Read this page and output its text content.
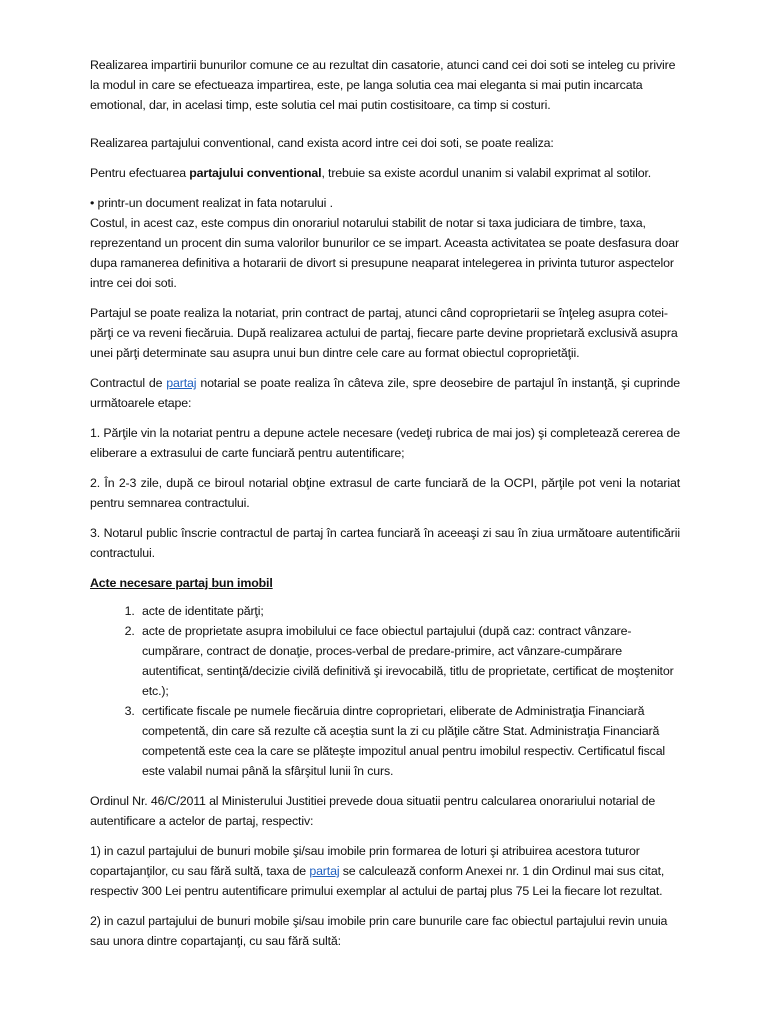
Realizarea impartirii bunurilor comune ce au rezultat din casatorie, atunci cand cei doi soti se inteleg cu privire la modul in care se efectueaza impartirea, este, pe langa solutia cea mai eleganta si mai putin incarcata emotional, dar, in acelasi timp, este solutia cel mai putin costisitoare, ca timp si costuri.

Realizarea partajului conventional, cand exista acord intre cei doi soti, se poate realiza:

Pentru efectuarea partajului conventional, trebuie sa existe acordul unanim si valabil exprimat al sotilor.

• printr-un document realizat in fata notarului .
Costul, in acest caz, este compus din onorariul notarului stabilit de notar si taxa judiciara de timbre, taxa, reprezentand un procent din suma valorilor bunurilor ce se impart. Aceasta activitatea se poate desfasura doar dupa ramanerea definitiva a hotararii de divort si presupune neaparat intelegerea in privinta tuturor aspectelor intre cei doi soti.

Partajul se poate realiza la notariat, prin contract de partaj, atunci când coproprietarii se înţeleg asupra cotei-părţi ce va reveni fiecăruia. După realizarea actului de partaj, fiecare parte devine proprietară exclusivă asupra unei părţi determinate sau asupra unui bun dintre cele care au format obiectul coproprietăţii.

Contractul de partaj notarial se poate realiza în câteva zile, spre deosebire de partajul în instanţă, şi cuprinde următoarele etape:

1. Părţile vin la notariat pentru a depune actele necesare (vedeţi rubrica de mai jos) şi completează cererea de eliberare a extrasului de carte funciară pentru autentificare;

2. În 2-3 zile, după ce biroul notarial obţine extrasul de carte funciară de la OCPI, părţile pot veni la notariat pentru semnarea contractului.

3. Notarul public înscrie contractul de partaj în cartea funciară în aceeaşi zi sau în ziua următoare autentificării contractului.

Acte necesare partaj bun imobil

1. acte de identitate părţi;
2. acte de proprietate asupra imobilului ce face obiectul partajului (după caz: contract vânzare-cumpărare, contract de donaţie, proces-verbal de predare-primire, act vânzare-cumpărare autentificat, sentinţă/decizie civilă definitivă şi irevocabilă, titlu de proprietate, certificat de moştenitor etc.);
3. certificate fiscale pe numele fiecăruia dintre coproprietari, eliberate de Administraţia Financiară competentă, din care să rezulte că aceştia sunt la zi cu plăţile către Stat. Administraţia Financiară competentă este cea la care se plăteşte impozitul anual pentru imobilul respectiv. Certificatul fiscal este valabil numai până la sfârşitul lunii în curs.

Ordinul Nr. 46/C/2011 al Ministerului Justitiei prevede doua situatii pentru calcularea onorariului notarial de autentificare a actelor de partaj, respectiv:

1) in cazul partajului de bunuri mobile şi/sau imobile prin formarea de loturi şi atribuirea acestora tuturor copartajanţilor, cu sau fără sultă, taxa de partaj se calculează conform Anexei nr. 1 din Ordinul mai sus citat, respectiv 300 Lei pentru autentificare primului exemplar al actului de partaj plus 75 Lei la fiecare lot rezultat.

2) in cazul partajului de bunuri mobile şi/sau imobile prin care bunurile care fac obiectul partajului revin unuia sau unora dintre copartajanţi, cu sau fără sultă:
